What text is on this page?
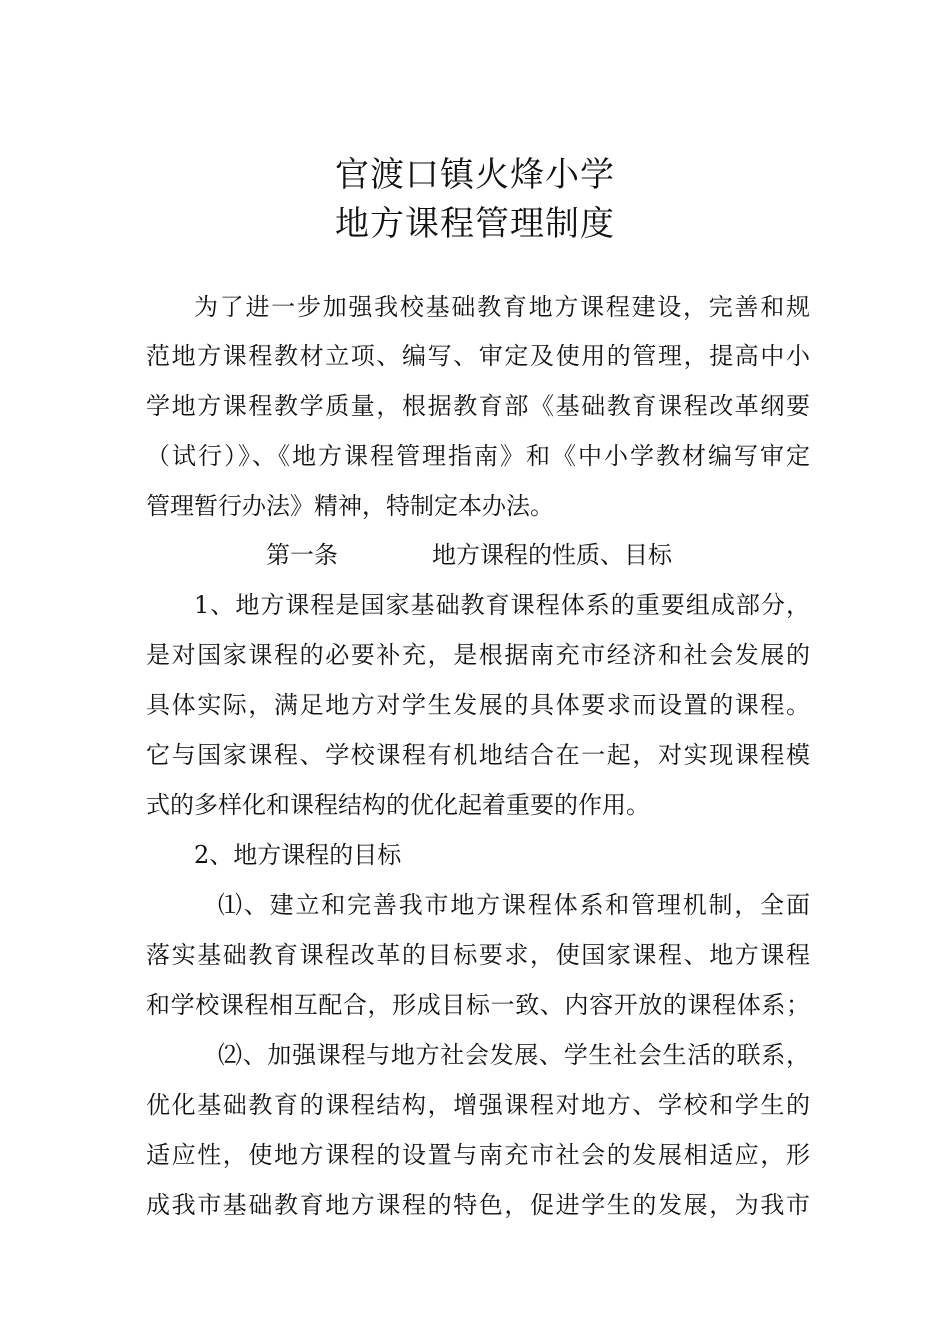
官渡口镇火烽小学
地方课程管理制度
为了进一步加强我校基础教育地方课程建设，完善和规
范地方课程教材立项、编写、审定及使用的管理，提高中小
学地方课程教学质量，根据教育部《基础教育课程改革纲要
（试行）》、《地方课程管理指南》和《中小学教材编写审定
管理暂行办法》精神，特制定本办法。
第一条	地方课程的性质、目标
1、地方课程是国家基础教育课程体系的重要组成部分，
是对国家课程的必要补充，是根据南充市经济和社会发展的
具体实际，满足地方对学生发展的具体要求而设置的课程。
它与国家课程、学校课程有机地结合在一起，对实现课程模
式的多样化和课程结构的优化起着重要的作用。
2、地方课程的目标
⑴、建立和完善我市地方课程体系和管理机制，全面
落实基础教育课程改革的目标要求，使国家课程、地方课程
和学校课程相互配合，形成目标一致、内容开放的课程体系；
⑵、加强课程与地方社会发展、学生社会生活的联系，
优化基础教育的课程结构，增强课程对地方、学校和学生的
适应性，使地方课程的设置与南充市社会的发展相适应，形
成我市基础教育地方课程的特色，促进学生的发展，为我市
